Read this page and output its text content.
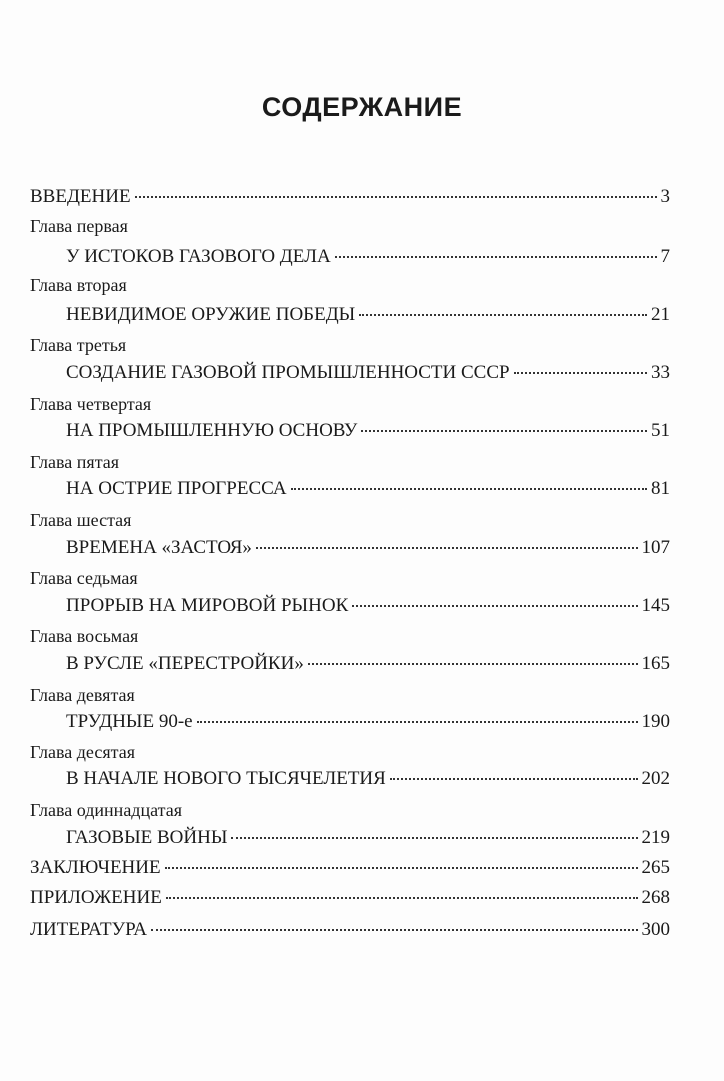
СОДЕРЖАНИЕ
ВВЕДЕНИЕ	3
Глава первая
У ИСТОКОВ ГАЗОВОГО ДЕЛА	7
Глава вторая
НЕВИДИМОЕ ОРУЖИЕ ПОБЕДЫ	21
Глава третья
СОЗДАНИЕ ГАЗОВОЙ ПРОМЫШЛЕННОСТИ СССР	33
Глава четвертая
НА ПРОМЫШЛЕННУЮ ОСНОВУ	51
Глава пятая
НА ОСТРИЕ ПРОГРЕССА	81
Глава шестая
ВРЕМЕНА «ЗАСТОЯ»	107
Глава седьмая
ПРОРЫВ НА МИРОВОЙ РЫНОК	145
Глава восьмая
В РУСЛЕ «ПЕРЕСТРОЙКИ»	165
Глава девятая
ТРУДНЫЕ 90-е	190
Глава десятая
В НАЧАЛЕ НОВОГО ТЫСЯЧЕЛЕТИЯ	202
Глава одиннадцатая
ГАЗОВЫЕ ВОЙНЫ	219
ЗАКЛЮЧЕНИЕ	265
ПРИЛОЖЕНИЕ	268
ЛИТЕРАТУРА	300
